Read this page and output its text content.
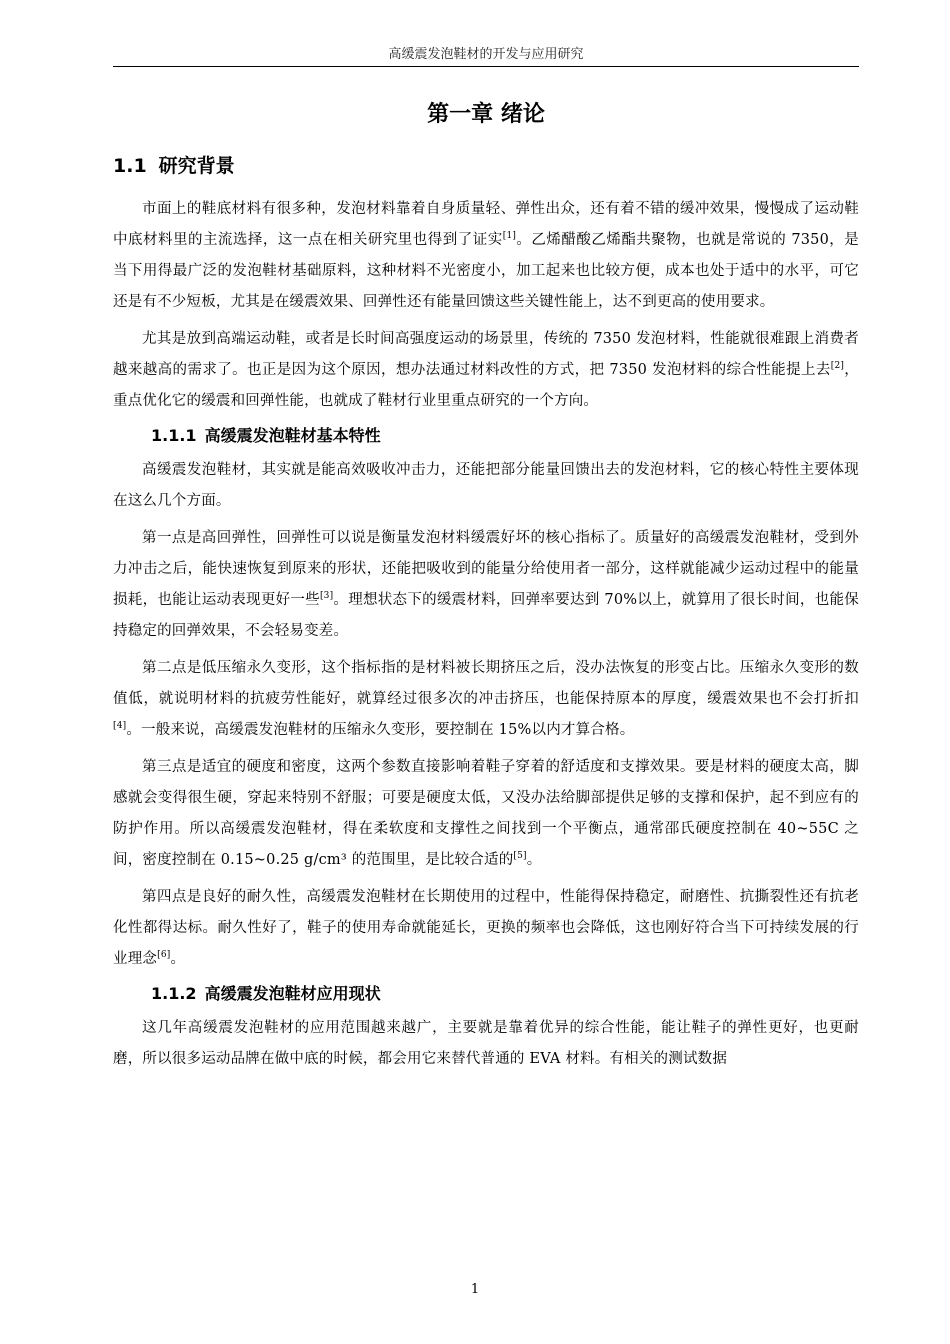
高缓震发泡鞋材的开发与应用研究
第一章 绪论
1.1 研究背景

市面上的鞋底材料有很多种，发泡材料靠着自身质量轻、弹性出众，还有着不错的缓冲效果，慢慢成了运动鞋中底材料里的主流选择，这一点在相关研究里也得到了证实[1]。乙烯醋酸乙烯酯共聚物，也就是常说的 7350，是当下用得最广泛的发泡鞋材基础原料，这种材料不光密度小，加工起来也比较方便，成本也处于适中的水平，可它还是有不少短板，尤其是在缓震效果、回弹性还有能量回馈这些关键性能上，达不到更高的使用要求。

尤其是放到高端运动鞋，或者是长时间高强度运动的场景里，传统的 7350 发泡材料，性能就很难跟上消费者越来越高的需求了。也正是因为这个原因，想办法通过材料改性的方式，把 7350 发泡材料的综合性能提上去[2]，重点优化它的缓震和回弹性能，也就成了鞋材行业里重点研究的一个方向。

1.1.1 高缓震发泡鞋材基本特性

高缓震发泡鞋材，其实就是能高效吸收冲击力，还能把部分能量回馈出去的发泡材料，它的核心特性主要体现在这么几个方面。

第一点是高回弹性，回弹性可以说是衡量发泡材料缓震好坏的核心指标了。质量好的高缓震发泡鞋材，受到外力冲击之后，能快速恢复到原来的形状，还能把吸收到的能量分给使用者一部分，这样就能减少运动过程中的能量损耗，也能让运动表现更好一些[3]。理想状态下的缓震材料，回弹率要达到 70%以上，就算用了很长时间，也能保持稳定的回弹效果，不会轻易变差。

第二点是低压缩永久变形，这个指标指的是材料被长期挤压之后，没办法恢复的形变占比。压缩永久变形的数值低，就说明材料的抗疲劳性能好，就算经过很多次的冲击挤压，也能保持原本的厚度，缓震效果也不会打折扣[4]。一般来说，高缓震发泡鞋材的压缩永久变形，要控制在 15%以内才算合格。

第三点是适宜的硬度和密度，这两个参数直接影响着鞋子穿着的舒适度和支撑效果。要是材料的硬度太高，脚感就会变得很生硬，穿起来特别不舒服；可要是硬度太低，又没办法给脚部提供足够的支撑和保护，起不到应有的防护作用。所以高缓震发泡鞋材，得在柔软度和支撑性之间找到一个平衡点，通常邵氏硬度控制在 40~55C 之间，密度控制在 0.15~0.25 g/cm³ 的范围里，是比较合适的[5]。

第四点是良好的耐久性，高缓震发泡鞋材在长期使用的过程中，性能得保持稳定，耐磨性、抗撕裂性还有抗老化性都得达标。耐久性好了，鞋子的使用寿命就能延长，更换的频率也会降低，这也刚好符合当下可持续发展的行业理念[6]。

1.1.2 高缓震发泡鞋材应用现状

这几年高缓震发泡鞋材的应用范围越来越广，主要就是靠着优异的综合性能，能让鞋子的弹性更好，也更耐磨，所以很多运动品牌在做中底的时候，都会用它来替代普通的 EVA 材料。有相关的测试数据

1
